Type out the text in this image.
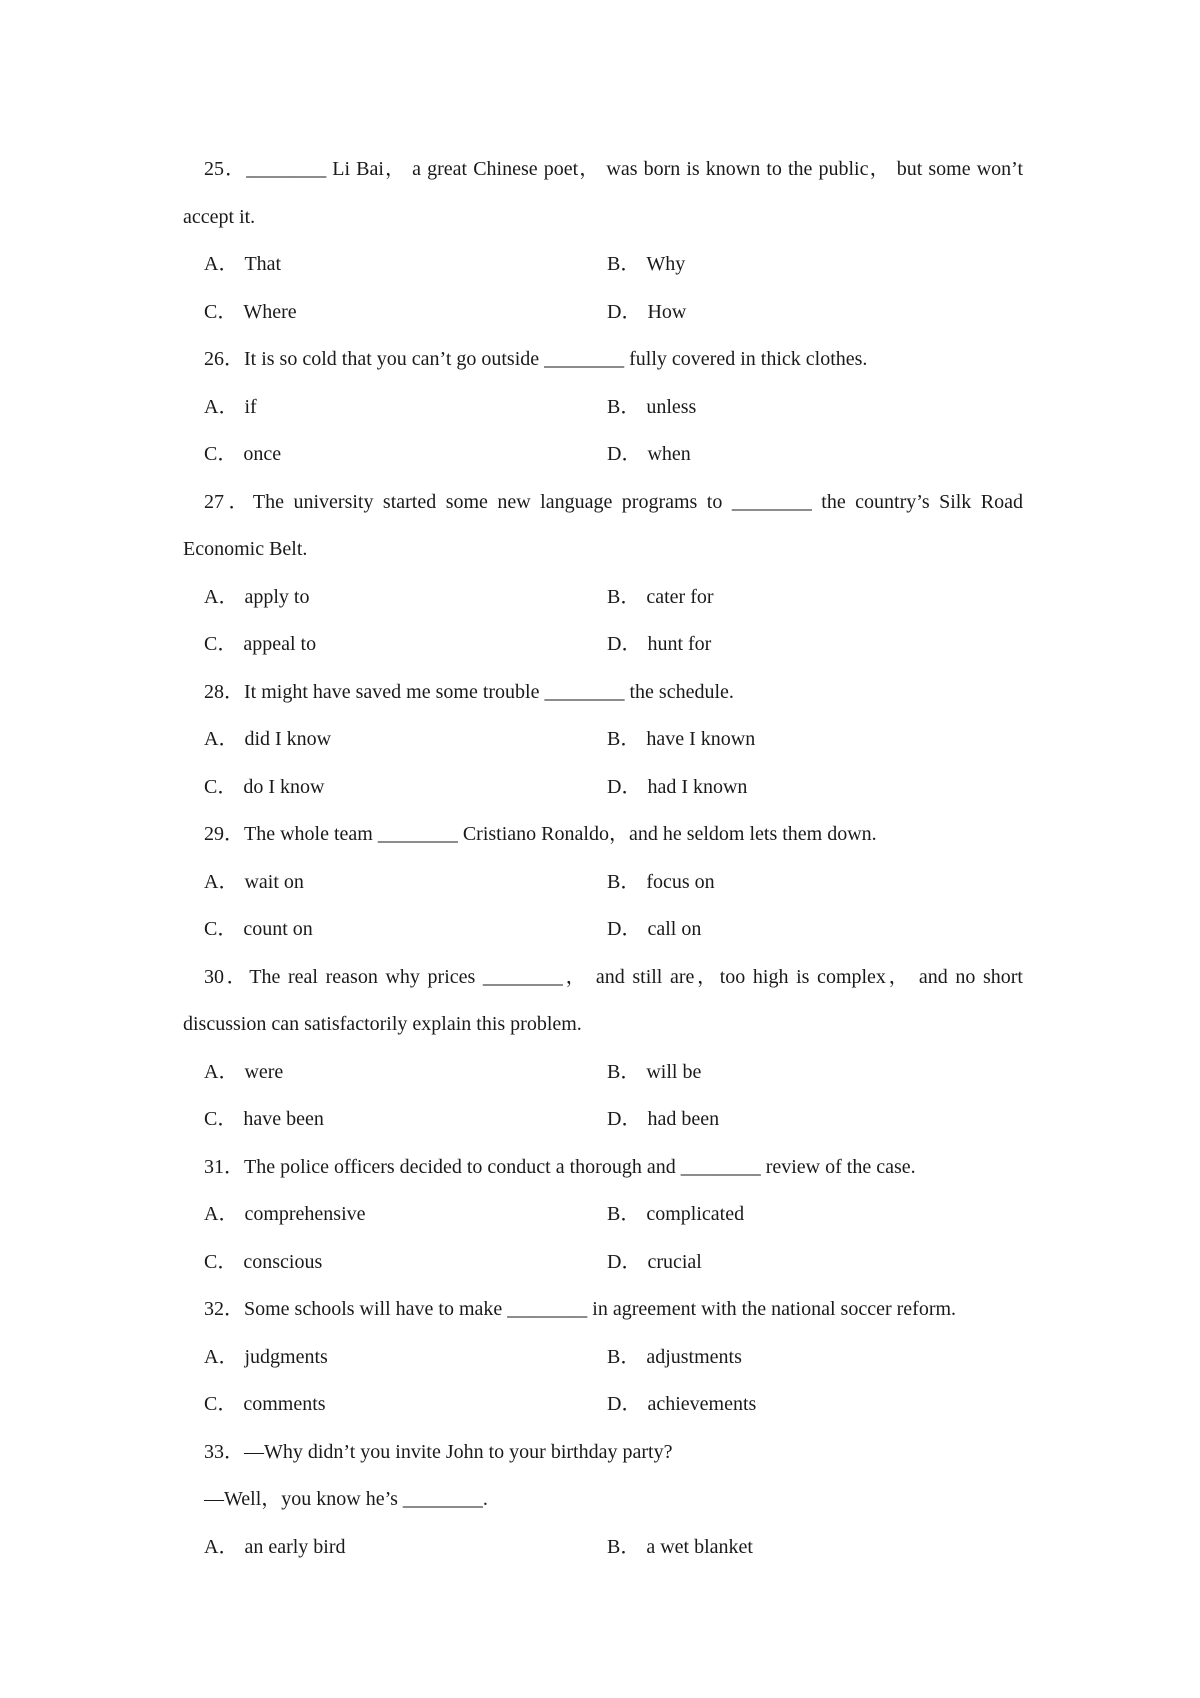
25．________ Li Bai， a great Chinese poet， was born is known to the public， but some won’t accept it.

A． That	B． Why
C． Where	D． How

26．It is so cold that you can’t go outside ________ fully covered in thick clothes.

A． if	B． unless
C． once	D． when

27．The university started some new language programs to ________ the country’s Silk Road Economic Belt.

A． apply to	B． cater for
C． appeal to	D． hunt for

28．It might have saved me some trouble ________ the schedule.

A． did I know	B． have I known
C． do I know	D． had I known

29．The whole team ________ Cristiano Ronaldo，and he seldom lets them down.

A． wait on	B． focus on
C． count on	D． call on

30．The real reason why prices ________， and still are，too high is complex， and no short discussion can satisfactorily explain this problem.

A． were	B． will be
C． have been	D． had been

31．The police officers decided to conduct a thorough and ________ review of the case.

A． comprehensive	B． complicated
C． conscious	D． crucial

32．Some schools will have to make ________ in agreement with the national soccer reform.

A． judgments	B． adjustments
C． comments	D． achievements

33．—Why didn’t you invite John to your birthday party?

—Well，you know he’s ________.
A． an early bird	B． a wet blanket
